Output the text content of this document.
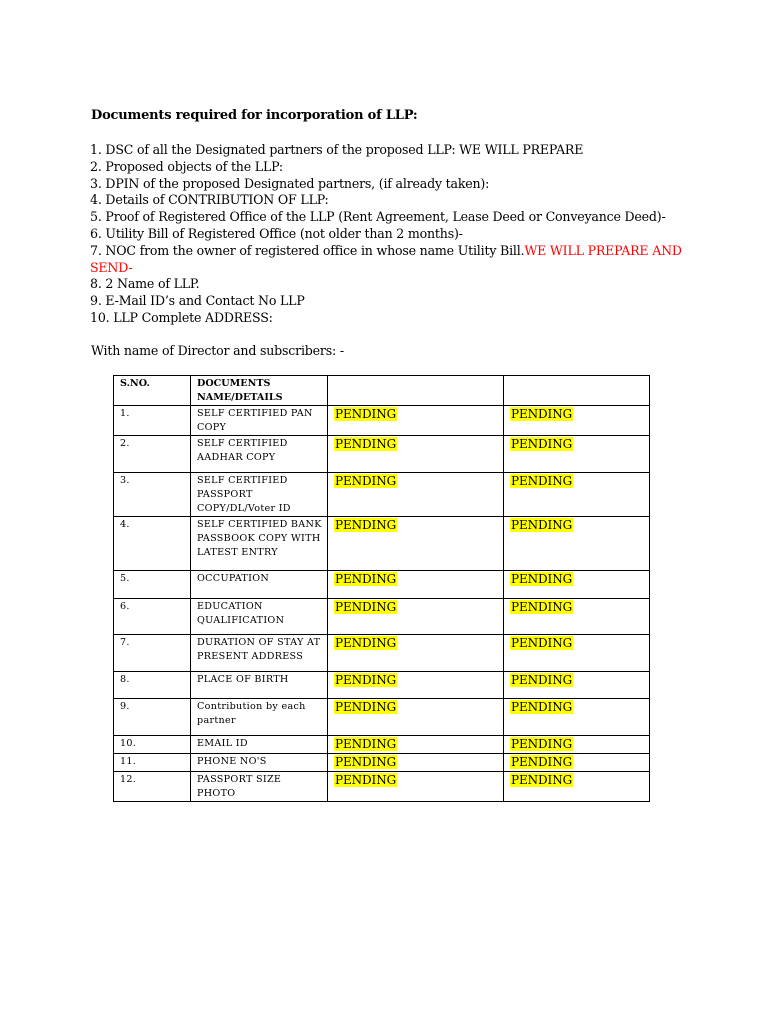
Documents required for incorporation of LLP:
1. DSC of all the Designated partners of the proposed LLP: WE WILL PREPARE
2. Proposed objects of the LLP:
3. DPIN of the proposed Designated partners, (if already taken):
4. Details of CONTRIBUTION OF LLP:
5. Proof of Registered Office of the LLP (Rent Agreement, Lease Deed or Conveyance Deed)-
6. Utility Bill of Registered Office (not older than 2 months)-
7. NOC from the owner of registered office in whose name Utility Bill.WE WILL PREPARE AND
SEND-
8. 2 Name of LLP.
9. E-Mail ID’s and Contact No LLP
10. LLP Complete ADDRESS:
With name of Director and subscribers: -
S.NO.	DOCUMENTS NAME/DETAILS		
1.	SELF CERTIFIED PAN COPY	PENDING	PENDING
2.	SELF CERTIFIED AADHAR COPY	PENDING	PENDING
3.	SELF CERTIFIED PASSPORT COPY/DL/Voter ID	PENDING	PENDING
4.	SELF CERTIFIED BANK PASSBOOK COPY WITH LATEST ENTRY	PENDING	PENDING
5.	OCCUPATION	PENDING	PENDING
6.	EDUCATION QUALIFICATION	PENDING	PENDING
7.	DURATION OF STAY AT PRESENT ADDRESS	PENDING	PENDING
8.	PLACE OF BIRTH	PENDING	PENDING
9.	Contribution by each partner	PENDING	PENDING
10.	EMAIL ID	PENDING	PENDING
11.	PHONE NO'S	PENDING	PENDING
12.	PASSPORT SIZE PHOTO	PENDING	PENDING
